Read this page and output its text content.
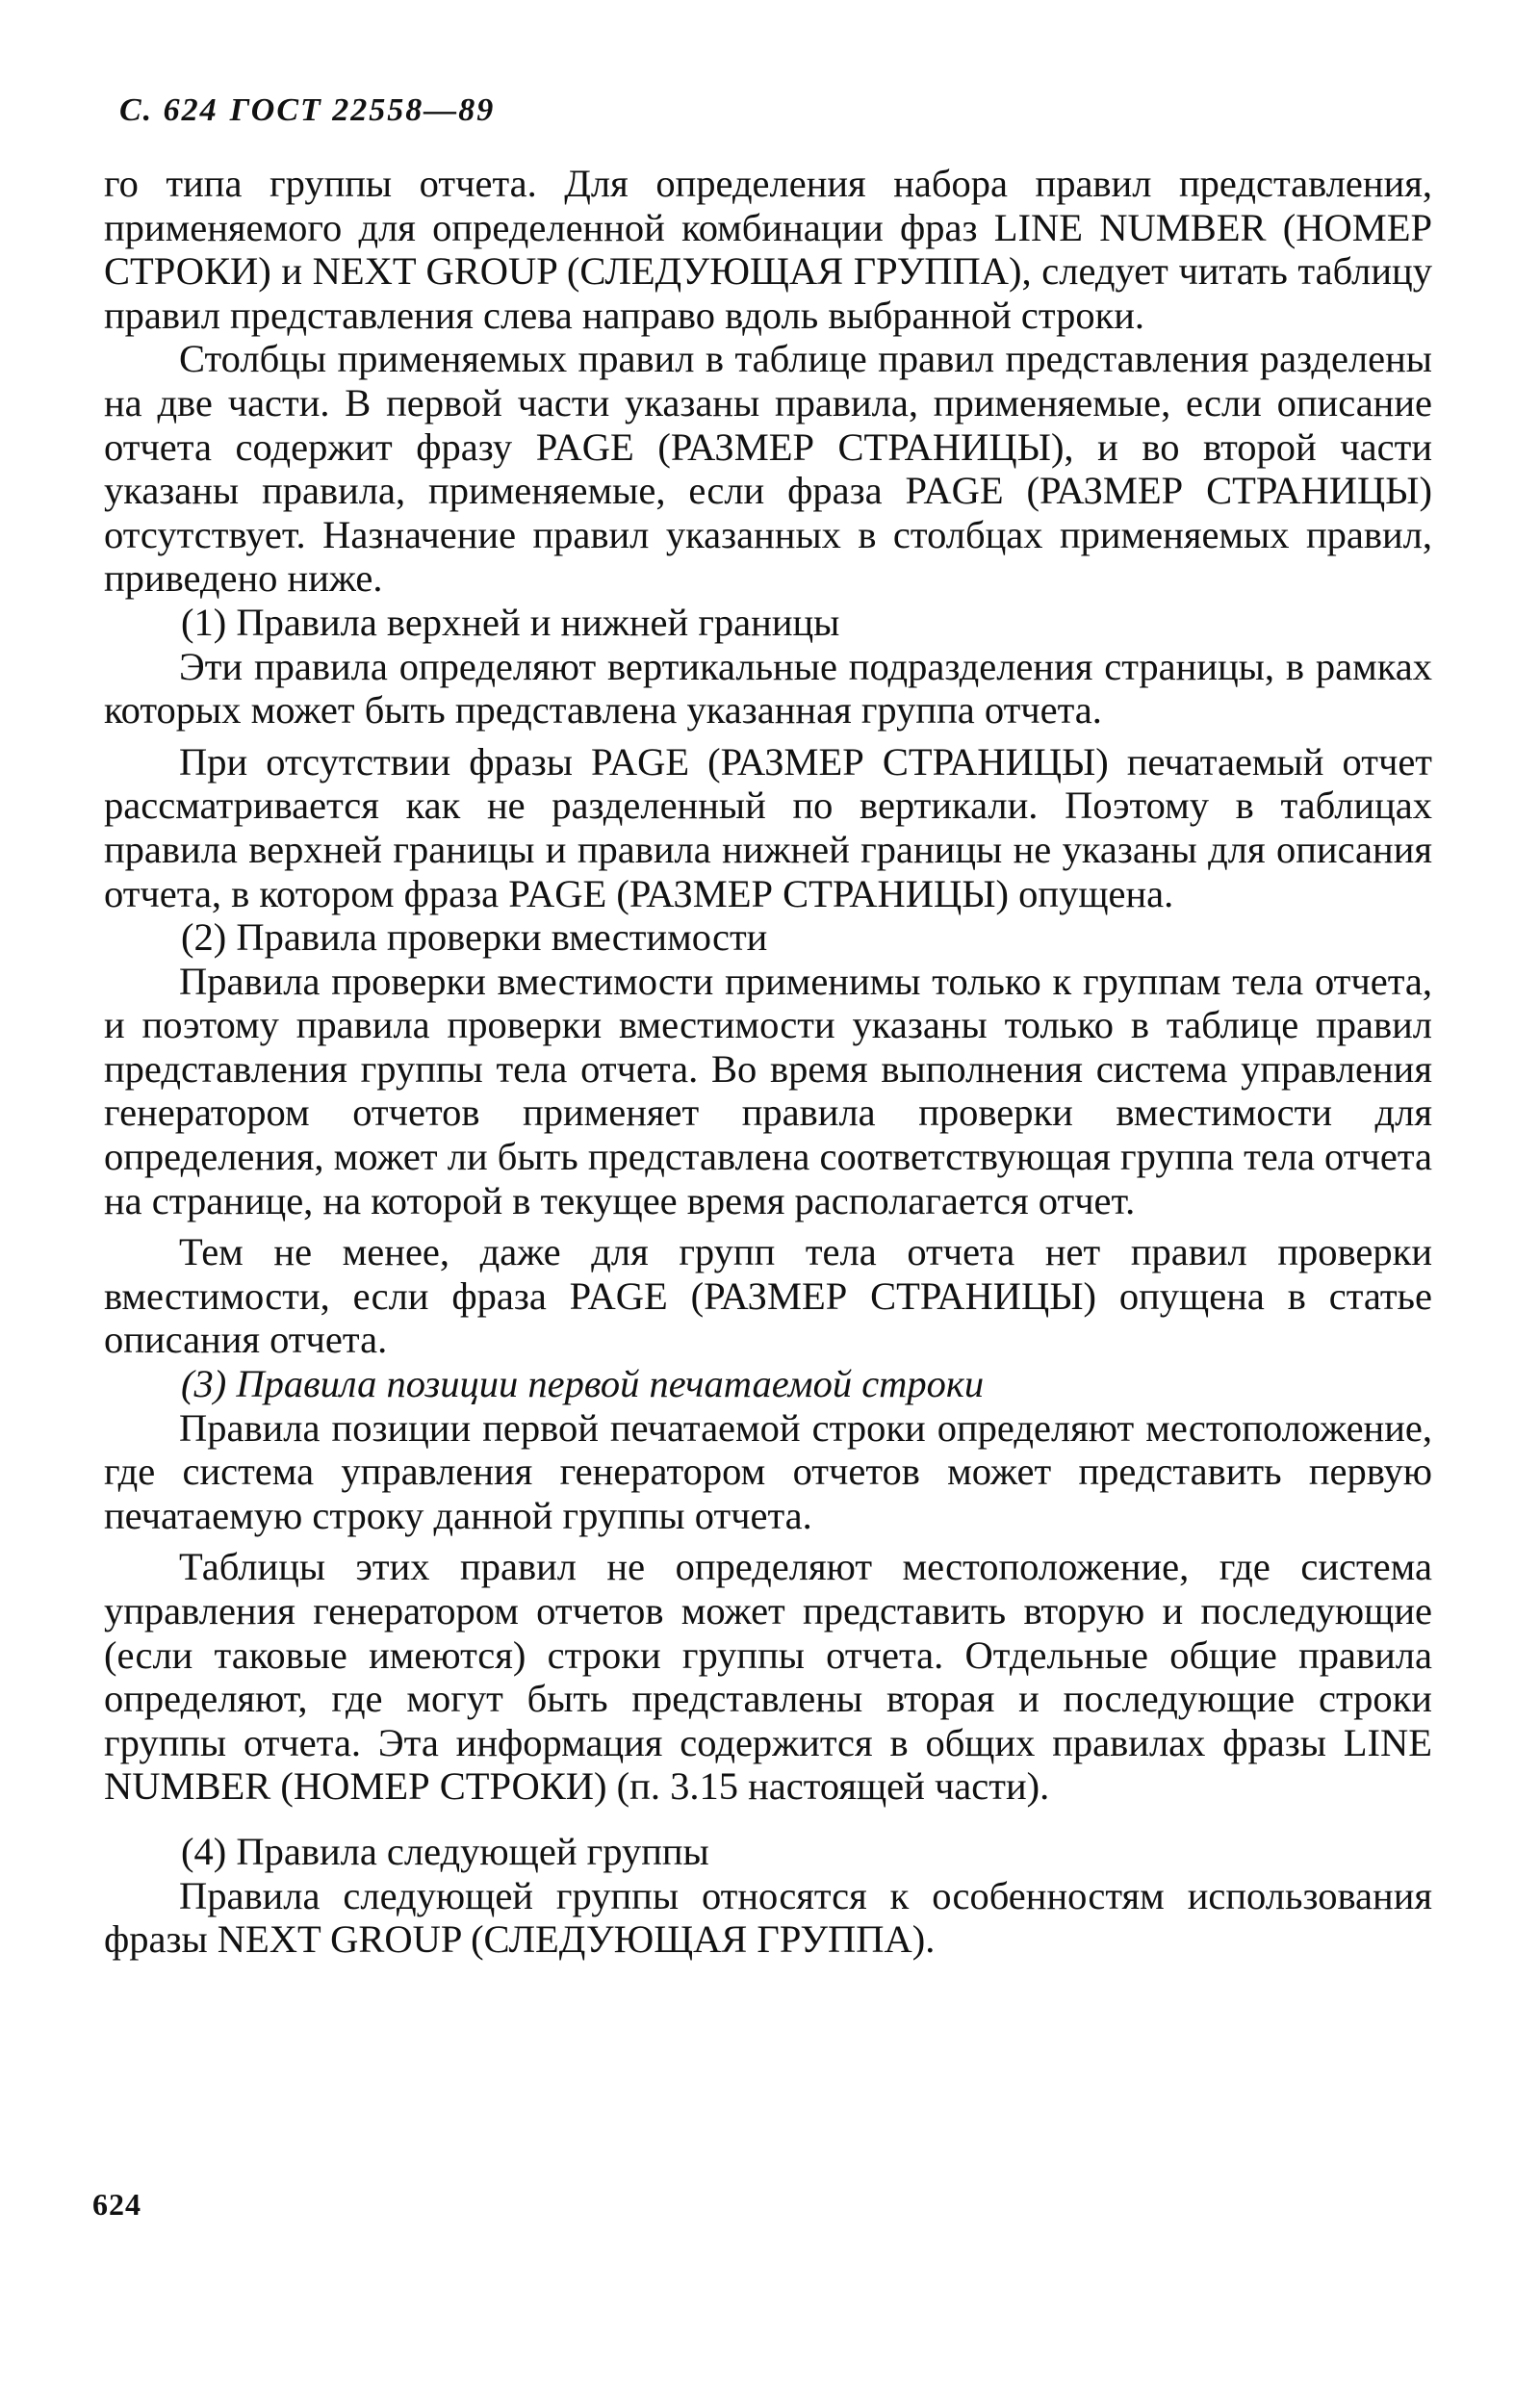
С. 624 ГОСТ 22558—89

го типа группы отчета. Для определения набора правил представления, применяемого для определенной комбинации фраз LINE NUMBER (НОМЕР СТРОКИ) и NEXT GROUP (СЛЕДУЮЩАЯ ГРУППА), следует читать таблицу правил представления слева направо вдоль выбранной строки.

Столбцы применяемых правил в таблице правил представления разделены на две части. В первой части указаны правила, применяемые, если описание отчета содержит фразу PAGE (РАЗМЕР СТРАНИЦЫ), и во второй части указаны правила, применяемые, если фраза PAGE (РАЗМЕР СТРАНИЦЫ) отсутствует. Назначение правил указанных в столбцах применяемых правил, приведено ниже.

(1) Правила верхней и нижней границы

Эти правила определяют вертикальные подразделения страницы, в рамках которых может быть представлена указанная группа отчета.

При отсутствии фразы PAGE (РАЗМЕР СТРАНИЦЫ) печатаемый отчет рассматривается как не разделенный по вертикали. Поэтому в таблицах правила верхней границы и правила нижней границы не указаны для описания отчета, в котором фраза PAGE (РАЗМЕР СТРАНИЦЫ) опущена.

(2) Правила проверки вместимости

Правила проверки вместимости применимы только к группам тела отчета, и поэтому правила проверки вместимости указаны только в таблице правил представления группы тела отчета. Во время выполнения система управления генератором отчетов применяет правила проверки вместимости для определения, может ли быть представлена соответствующая группа тела отчета на странице, на которой в текущее время располагается отчет.

Тем не менее, даже для групп тела отчета нет правил проверки вместимости, если фраза PAGE (РАЗМЕР СТРАНИЦЫ) опущена в статье описания отчета.

(3) Правила позиции первой печатаемой строки

Правила позиции первой печатаемой строки определяют местоположение, где система управления генератором отчетов может представить первую печатаемую строку данной группы отчета.

Таблицы этих правил не определяют местоположение, где система управления генератором отчетов может представить вторую и последующие (если таковые имеются) строки группы отчета. Отдельные общие правила определяют, где могут быть представлены вторая и последующие строки группы отчета. Эта информация содержится в общих правилах фразы LINE NUMBER (НОМЕР СТРОКИ) (п. 3.15 настоящей части).

(4) Правила следующей группы

Правила следующей группы относятся к особенностям использования фразы NEXT GROUP (СЛЕДУЮЩАЯ ГРУППА).

624
